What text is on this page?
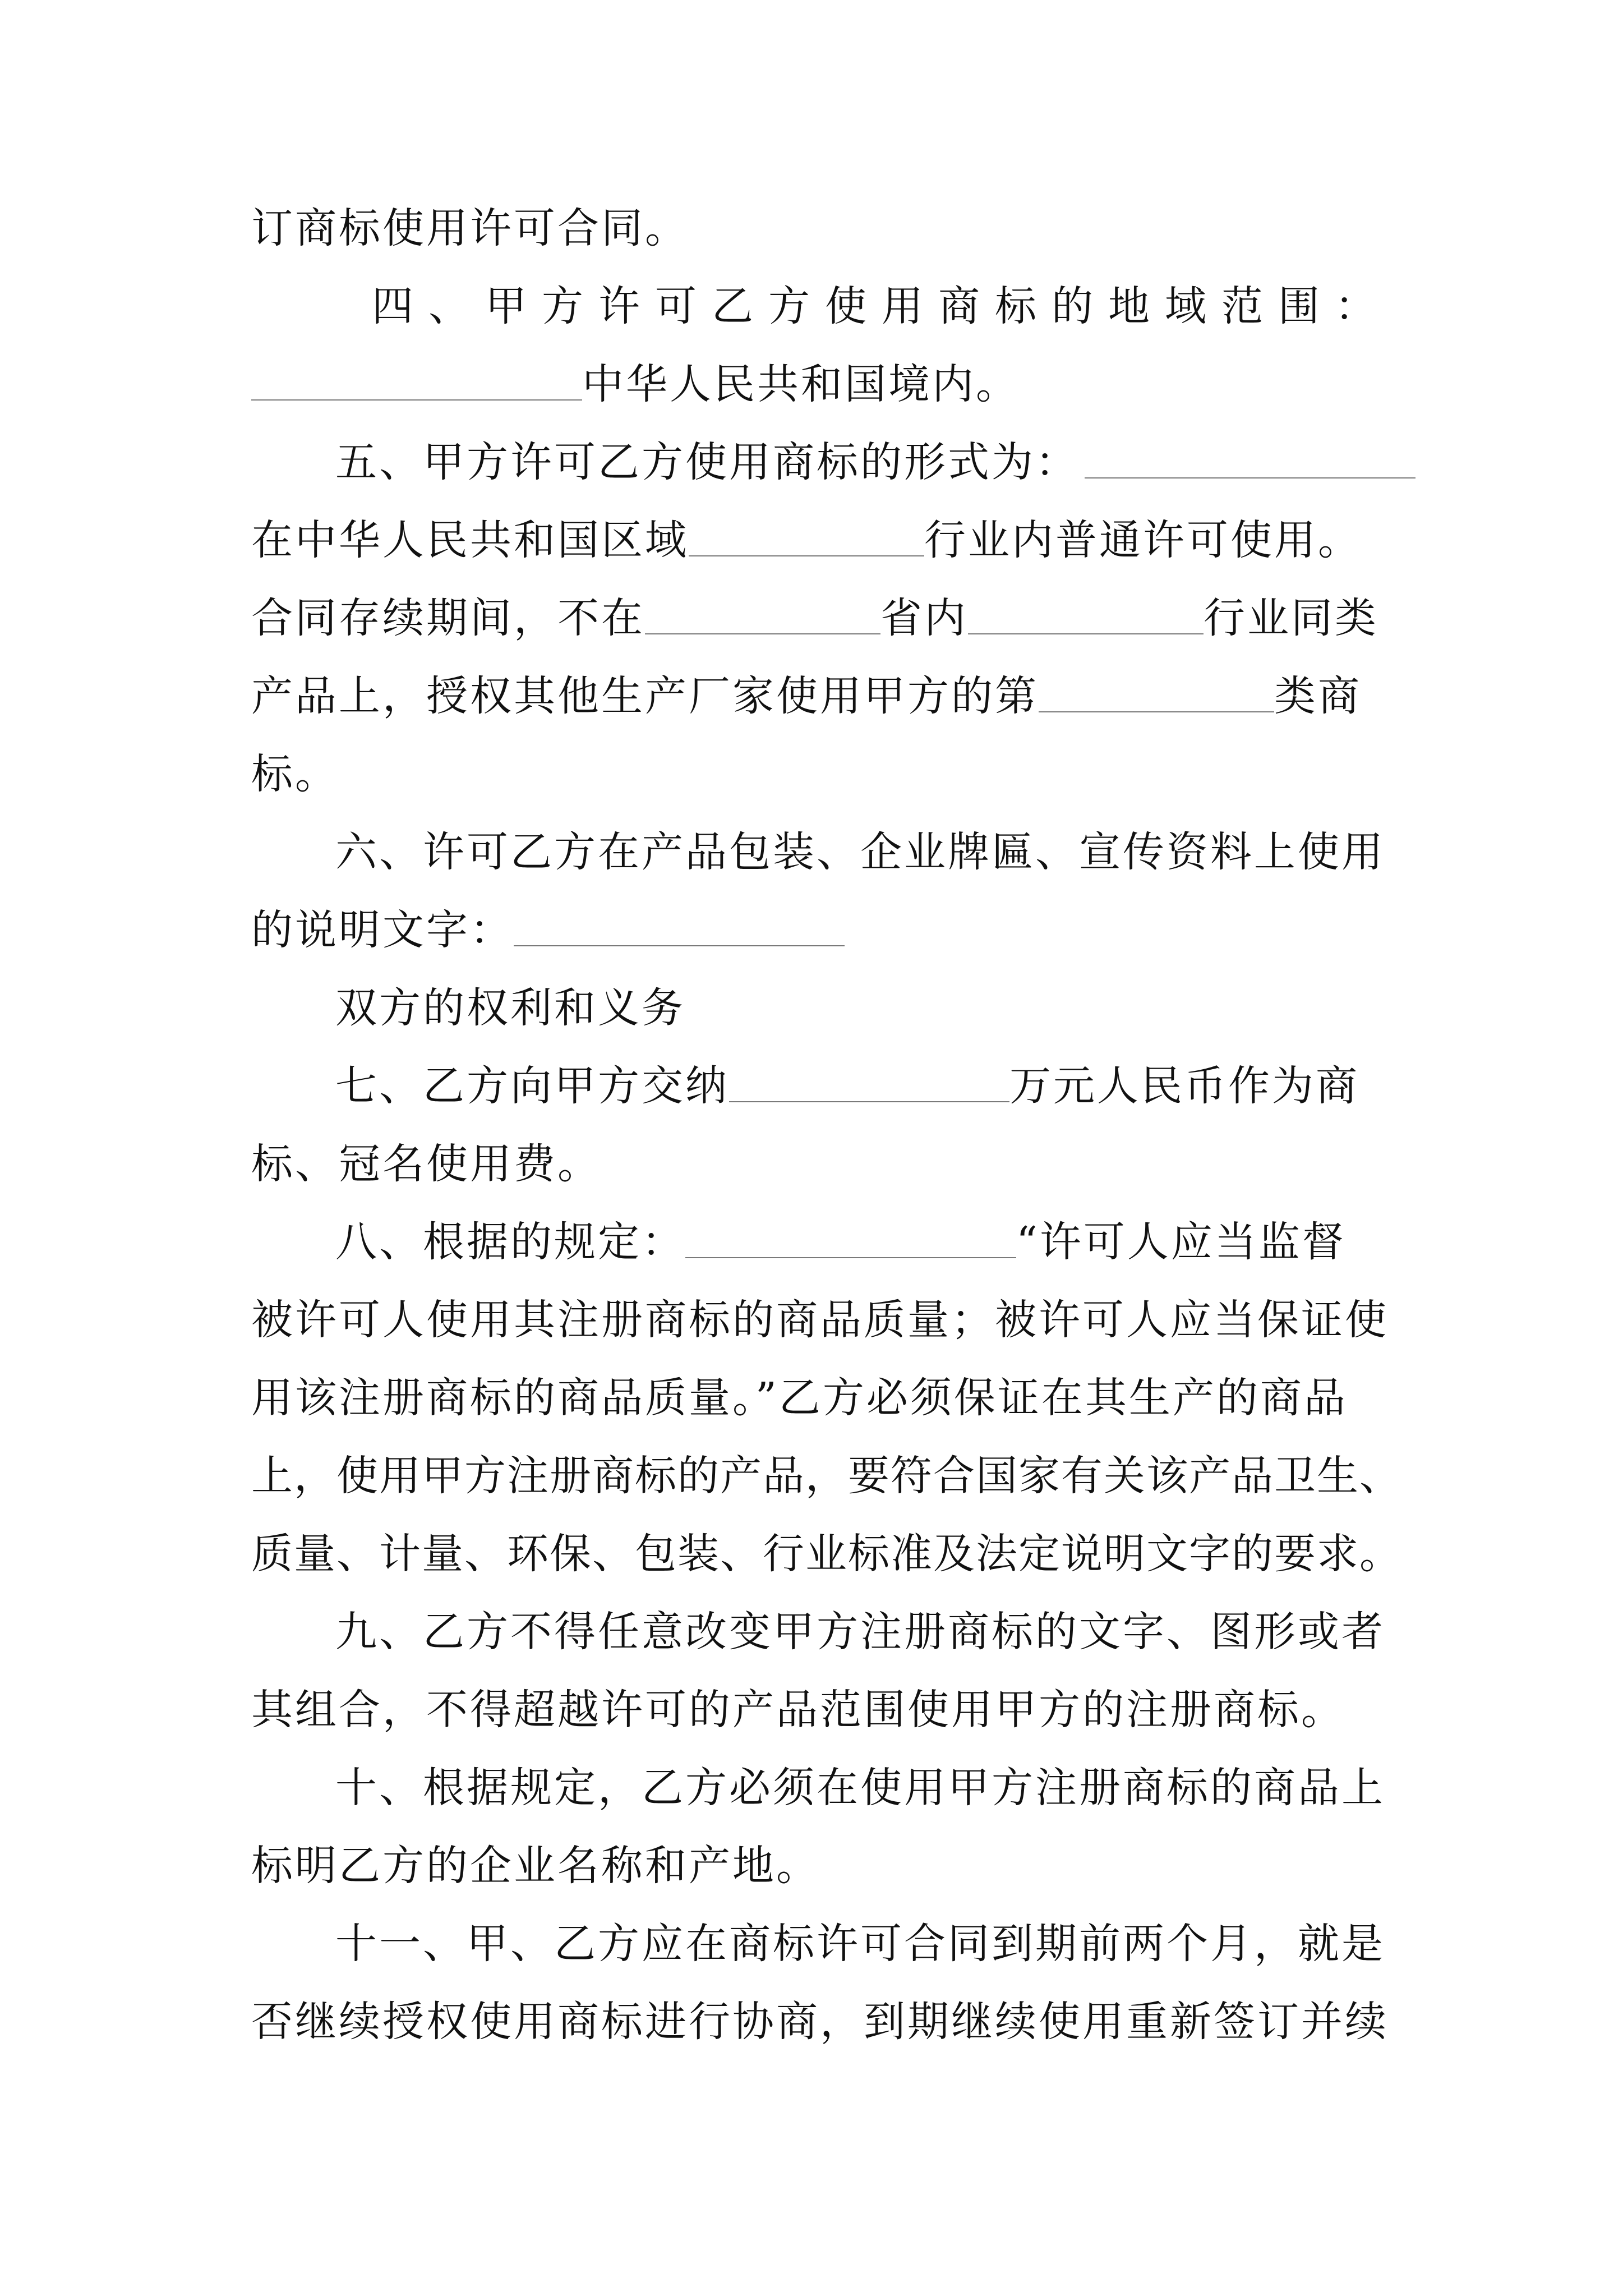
订商标使用许可合同。
四、甲方许可乙方使用商标的地域范围：
中华人民共和国境内。
五、甲方许可乙方使用商标的形式为：
在中华人民共和国区域	行业内普通许可使用。
合同存续期间，不在	省内	行业同类
产品上，授权其他生产厂家使用甲方的第	类商
标。
六、许可乙方在产品包装、企业牌匾、宣传资料上使用
的说明文字：
双方的权利和义务
七、乙方向甲方交纳	万元人民币作为商
标、冠名使用费。
八、根据的规定：	“许可人应当监督
被许可人使用其注册商标的商品质量；被许可人应当保证使
用该注册商标的商品质量。”乙方必须保证在其生产的商品
上，使用甲方注册商标的产品，要符合国家有关该产品卫生、
质量、计量、环保、包装、行业标准及法定说明文字的要求。
九、乙方不得任意改变甲方注册商标的文字、图形或者
其组合，不得超越许可的产品范围使用甲方的注册商标。
十、根据规定，乙方必须在使用甲方注册商标的商品上
标明乙方的企业名称和产地。
十一、甲、乙方应在商标许可合同到期前两个月，就是
否继续授权使用商标进行协商，到期继续使用重新签订并续
